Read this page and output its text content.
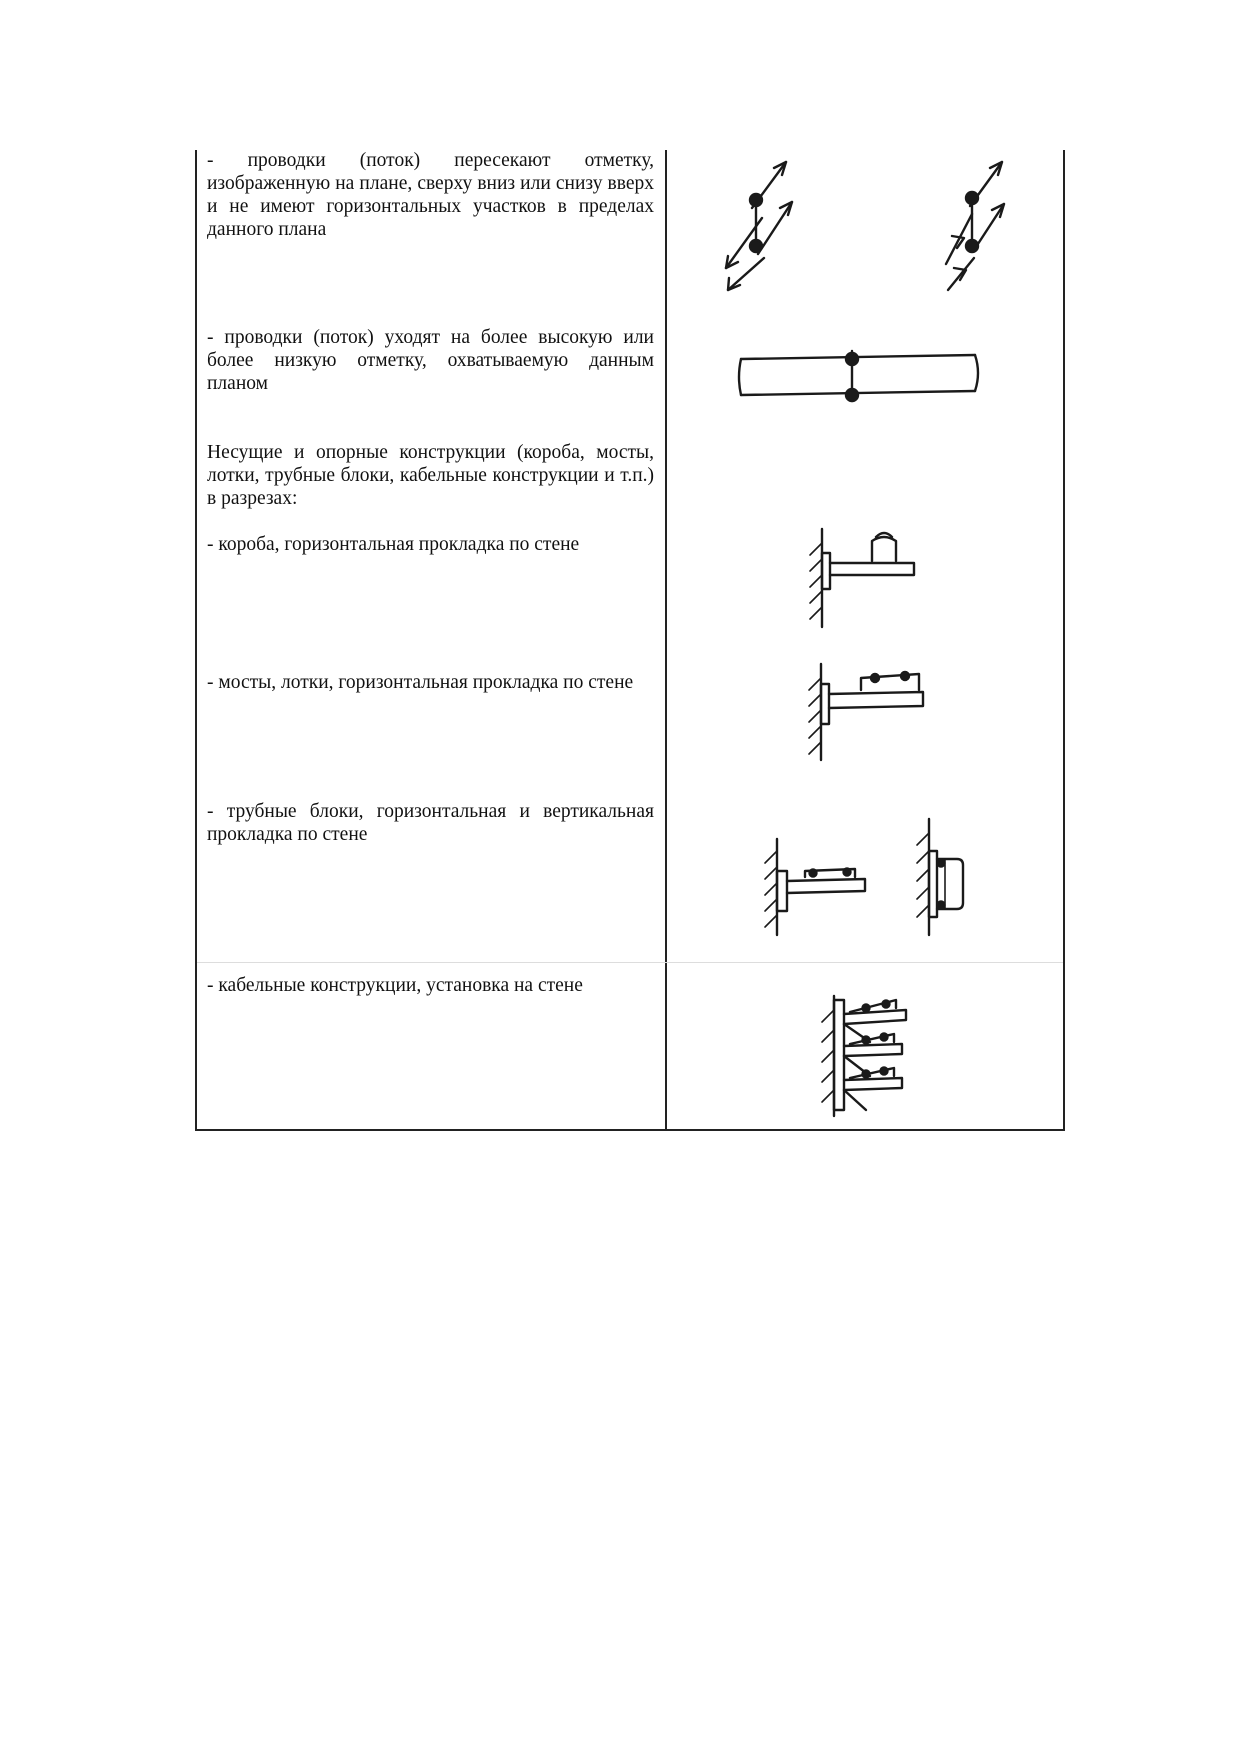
- проводки (поток) пересекают отметку, изображенную на плане, сверху вниз или снизу вверх и не имеют горизонтальных участков в пределах данного плана

- проводки (поток) уходят на более высокую или более низкую отметку, охватываемую данным планом

Несущие и опорные конструкции (короба, мосты, лотки, трубные блоки, кабельные конструкции и т.п.) в разрезах:

- короба, горизонтальная прокладка по стене

- мосты, лотки, горизонтальная прокладка по стене

- трубные блоки, горизонтальная и вертикальная прокладка по стене

- кабельные конструкции, установка на стене
